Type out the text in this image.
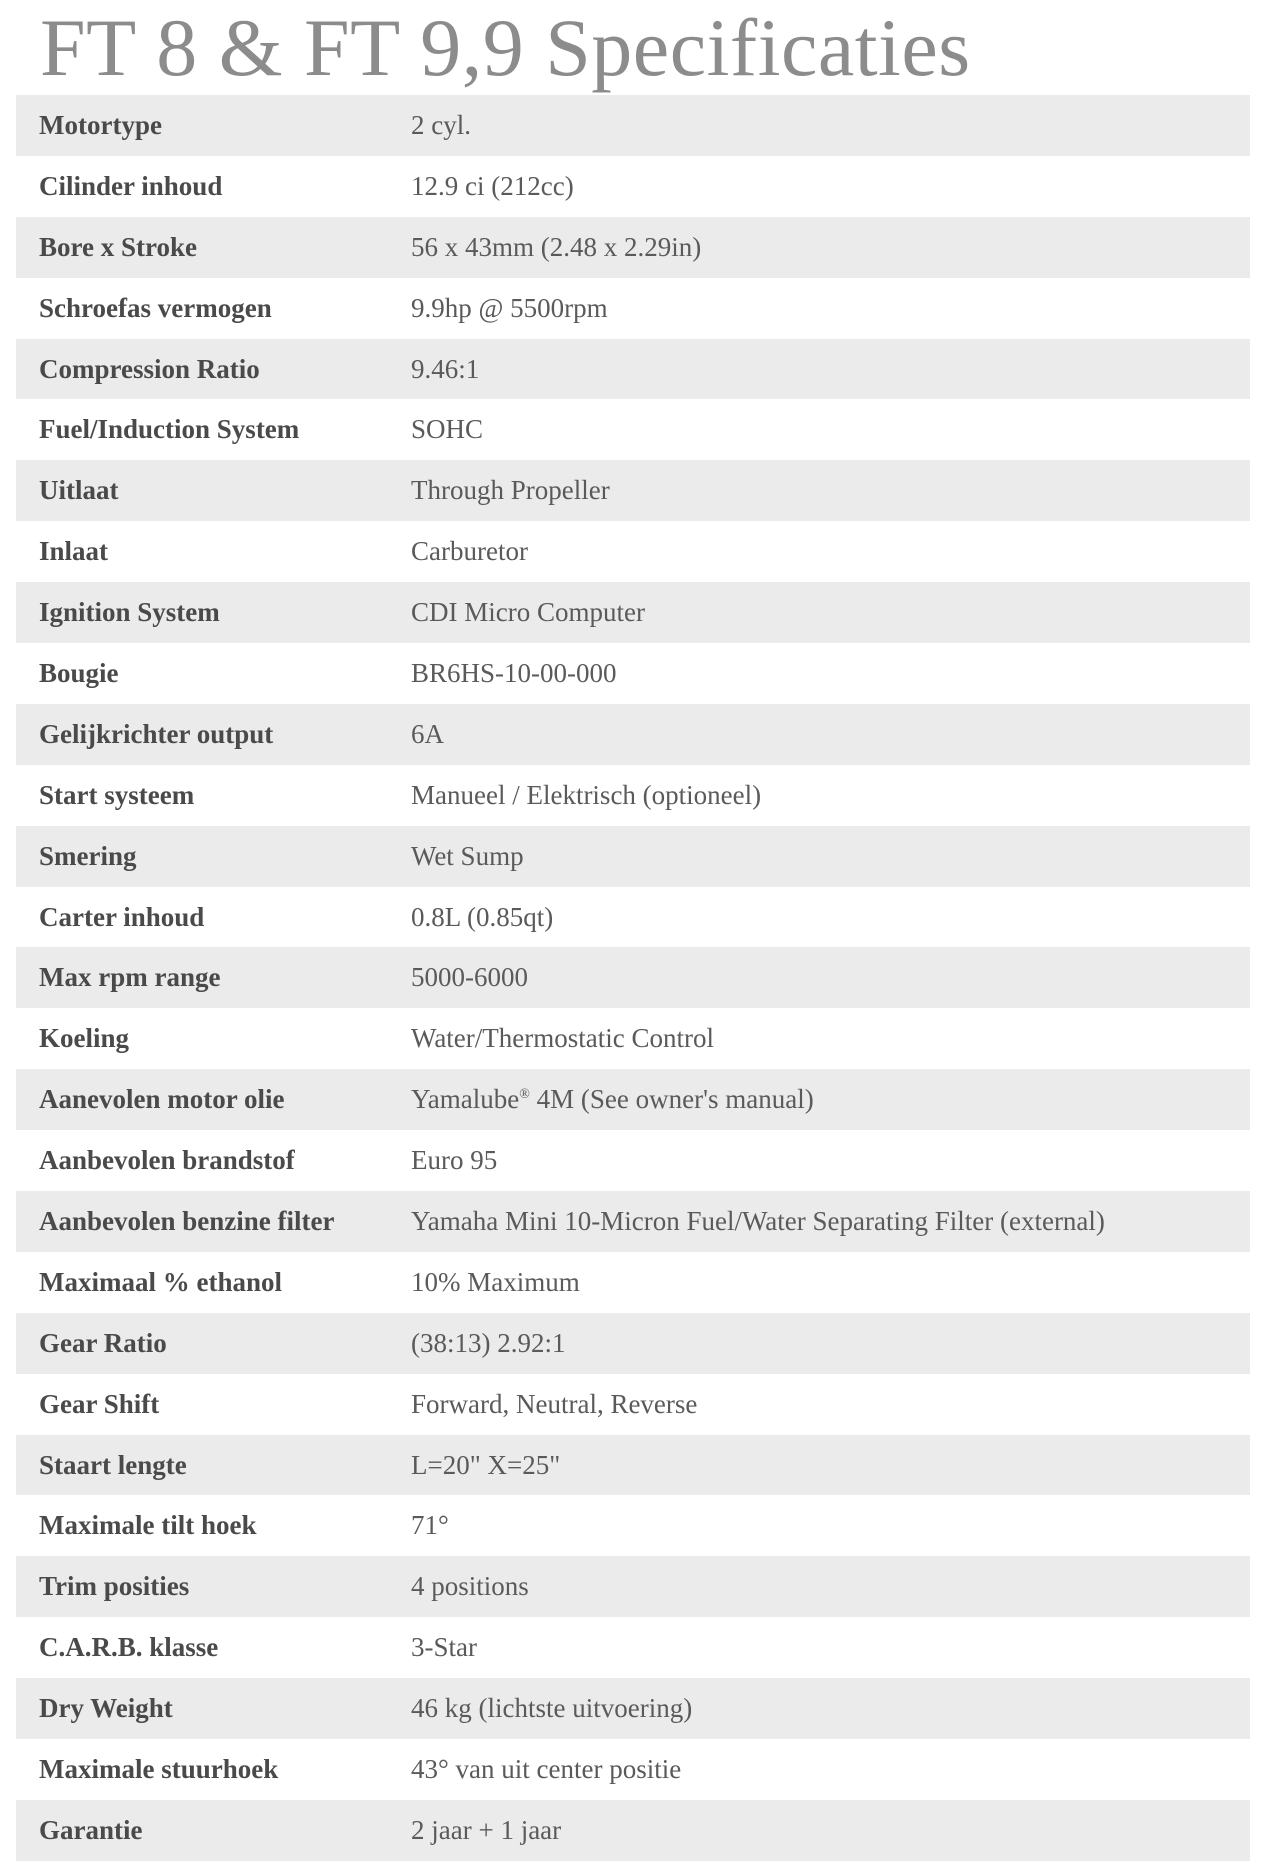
FT 8 & FT 9,9 Specificaties
Motortype	2 cyl.
Cilinder inhoud	12.9 ci (212cc)
Bore x Stroke	56 x 43mm (2.48 x 2.29in)
Schroefas vermogen	9.9hp @ 5500rpm
Compression Ratio	9.46:1
Fuel/Induction System	SOHC
Uitlaat	Through Propeller
Inlaat	Carburetor
Ignition System	CDI Micro Computer
Bougie	BR6HS-10-00-000
Gelijkrichter output	6A
Start systeem	Manueel / Elektrisch (optioneel)
Smering	Wet Sump
Carter inhoud	0.8L (0.85qt)
Max rpm range	5000-6000
Koeling	Water/Thermostatic Control
Aanevolen motor olie	Yamalube® 4M (See owner's manual)
Aanbevolen brandstof	Euro 95
Aanbevolen benzine filter	Yamaha Mini 10-Micron Fuel/Water Separating Filter (external)
Maximaal % ethanol	10% Maximum
Gear Ratio	(38:13) 2.92:1
Gear Shift	Forward, Neutral, Reverse
Staart lengte	L=20" X=25"
Maximale tilt hoek	71°
Trim posities	4 positions
C.A.R.B. klasse	3-Star
Dry Weight	46 kg (lichtste uitvoering)
Maximale stuurhoek	43° van uit center positie
Garantie	2 jaar + 1 jaar
